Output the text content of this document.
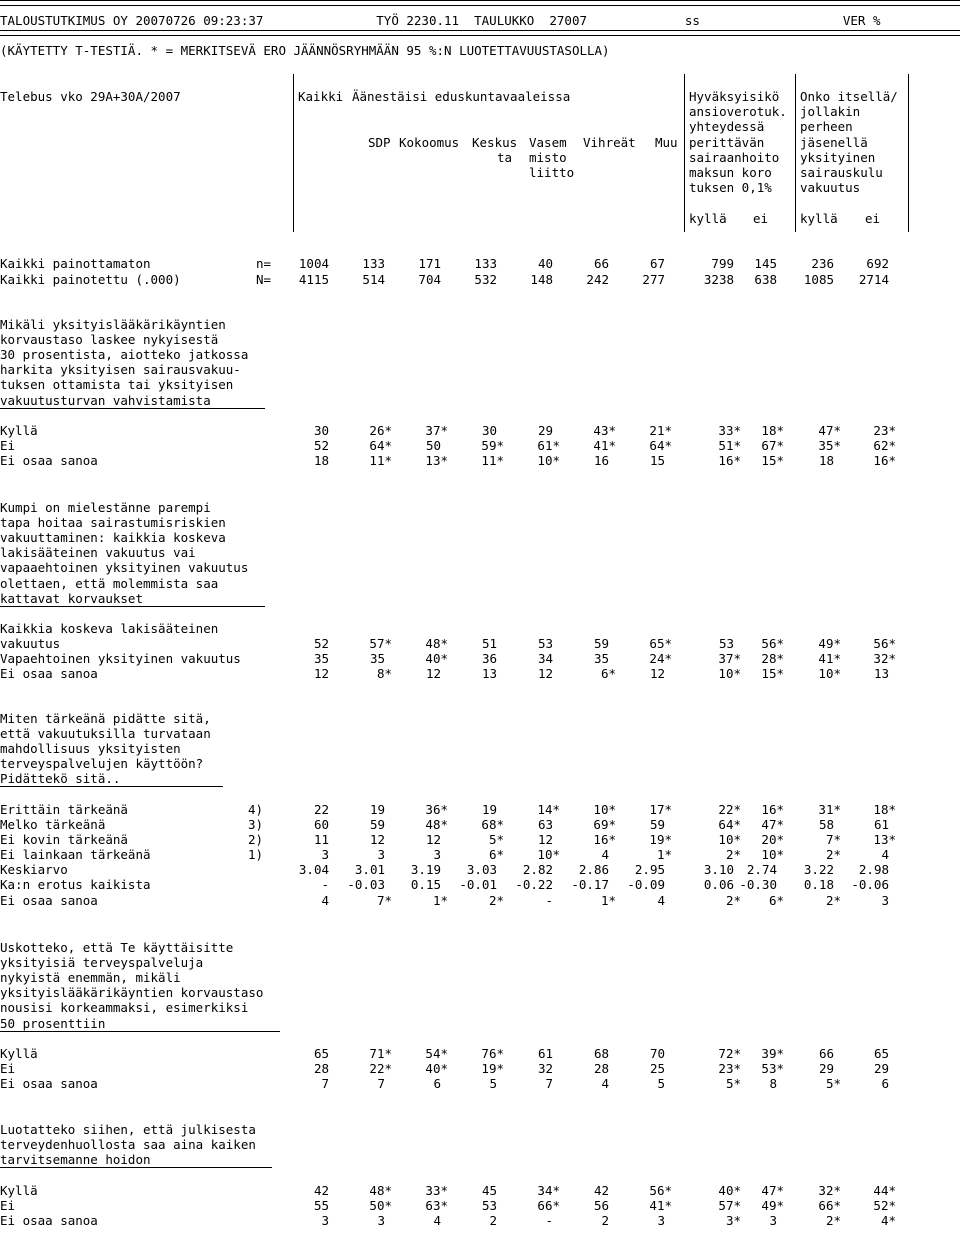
TALOUSTUTKIMUS OY 20070726 09:23:37               TYÖ 2230.11  TAULUKKO  27007             ss                   VER %
(KÄYTETTY T-TESTIÄ. * = MERKITSEVÄ ERO JÄÄNNÖSRYHMÄÄN 95 %:N LUOTETTAVUUSTASOLLA)
Telebus vko 29A+30A/2007	Kaikki Äänestäisi eduskuntavaaleissa
SDP Kokoomus Keskus Vasem
ta misto
liitto
Vihreät Muu
Hyväksyisikö
ansioverotuk.
yhteydessä
perittävän
sairaanhoito
maksun koro
tuksen 0,1%
Onko itsellä/
jollakin
perheen
jäsenellä
yksityinen
sairauskulu
vakuutus
kyllä ei	kyllä ei
Kaikki painottamaton	n= 1004	133	171	133	40	66	67	799 145	236	692
Kaikki painotettu (.000)	N= 4115	514	704	532	148	242	277	3238 638 1085 2714
Mikäli yksityislääkärikäyntien
korvaustaso laskee nykyisestä
30 prosentista, aiotteko jatkossa
harkita yksityisen sairausvakuu-
tuksen ottamista tai yksityisen
vakuutusturvan vahvistamista
Kyllä	30	26*	37*	30	29	43*	21*	33* 18*	47*	23*
Ei	52	64*	50	59*	61*	41*	64*	51* 67*	35*	62*
Ei osaa sanoa	18	11*	13*	11*	10*	16	15	16* 15*	18	16*
Kumpi on mielestänne parempi
tapa hoitaa sairastumisriskien
vakuuttaminen: kaikkia koskeva
lakisääteinen vakuutus vai
vapaaehtoinen yksityinen vakuutus
olettaen, että molemmista saa
kattavat korvaukset
Kaikkia koskeva lakisääteinen
vakuutus	52	57*	48*	51	53	59	65*	53 56*	49*	56*
Vapaehtoinen yksityinen vakuutus	35	35	40*	36	34	35	24*	37* 28*	41*	32*
Ei osaa sanoa	12	8*	12	13	12	6*	12	10* 15*	10*	13
Miten tärkeänä pidätte sitä,
että vakuutuksilla turvataan
mahdollisuus yksityisten
terveyspalvelujen käyttöön?
Pidättekö sitä..
Erittäin tärkeänä	4)	22	19	36*	19	14*	10*	17*	22* 16*	31*	18*
Melko tärkeänä	3)	60	59	48*	68*	63	69*	59	64* 47*	58	61
Ei kovin tärkeänä	2)	11	12	12	5*	12	16*	19*	10* 20*	7*	13*
Ei lainkaan tärkeänä	1)	3	3	3	6*	10*	4	1*	2* 10*	2*	4
Keskiarvo	3.04 3.01 3.19 3.03 2.82 2.86 2.95	3.10 2.74 3.22 2.98
Ka:n erotus kaikista	- -0.03 0.15 -0.01 -0.22 -0.17 -0.09	0.06 -0.30 0.18 -0.06
Ei osaa sanoa	4	7*	1*	2*	-	1*	4	2* 6*	2*	3
Uskotteko, että Te käyttäisitte
yksityisiä terveyspalveluja
nykyistä enemmän, mikäli
yksityislääkärikäyntien korvaustaso
nousisi korkeammaksi, esimerkiksi
50 prosenttiin
Kyllä	65	71*	54*	76*	61	68	70	72* 39*	66	65
Ei	28	22*	40*	19*	32	28	25	23* 53*	29	29
Ei osaa sanoa	7	7	6	5	7	4	5	5* 8	5*	6
Luotatteko siihen, että julkisesta
terveydenhuollosta saa aina kaiken
tarvitsemanne hoidon
Kyllä	42	48*	33*	45	34*	42	56*	40* 47*	32*	44*
Ei	55	50*	63*	53	66*	56	41*	57* 49*	66*	52*
Ei osaa sanoa	3	3	4	2	-	2	3	3* 3	2*	4*
